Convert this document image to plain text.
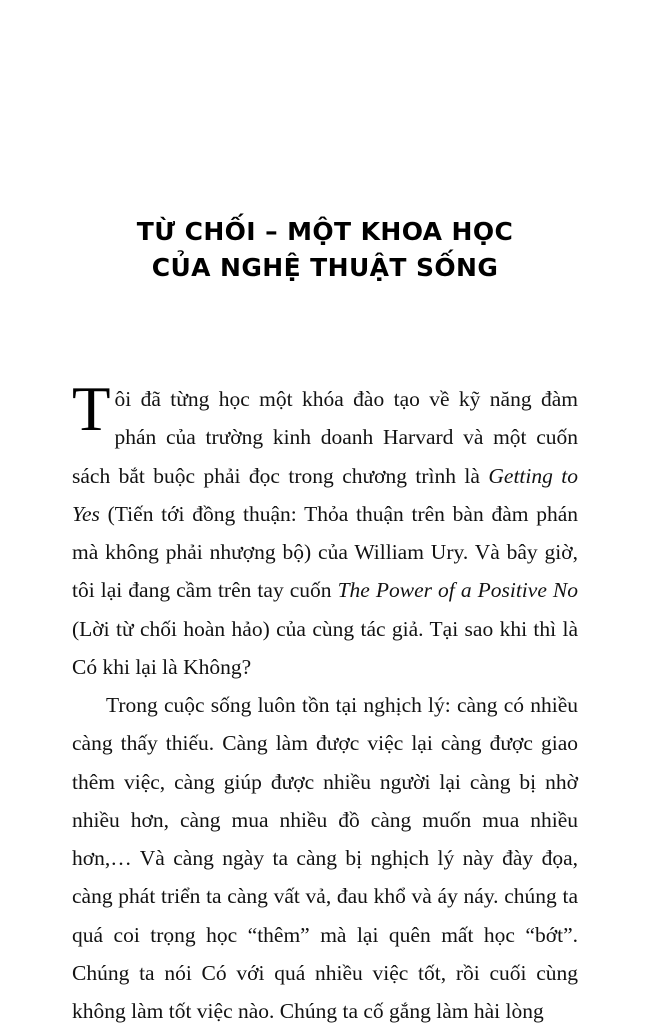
TỪ CHỐI – MỘT KHOA HỌC
CỦA NGHỆ THUẬT SỐNG

Tôi đã từng học một khóa đào tạo về kỹ năng đàm phán của trường kinh doanh Harvard và một cuốn sách bắt buộc phải đọc trong chương trình là Getting to Yes (Tiến tới đồng thuận: Thỏa thuận trên bàn đàm phán mà không phải nhượng bộ) của William Ury. Và bây giờ, tôi lại đang cầm trên tay cuốn The Power of a Positive No (Lời từ chối hoàn hảo) của cùng tác giả. Tại sao khi thì là Có khi lại là Không?

Trong cuộc sống luôn tồn tại nghịch lý: càng có nhiều càng thấy thiếu. Càng làm được việc lại càng được giao thêm việc, càng giúp được nhiều người lại càng bị nhờ nhiều hơn, càng mua nhiều đồ càng muốn mua nhiều hơn,… Và càng ngày ta càng bị nghịch lý này đày đọa, càng phát triển ta càng vất vả, đau khổ và áy náy. chúng ta quá coi trọng học “thêm” mà lại quên mất học “bớt”. Chúng ta nói Có với quá nhiều việc tốt, rồi cuối cùng không làm tốt việc nào. Chúng ta cố gắng làm hài lòng
